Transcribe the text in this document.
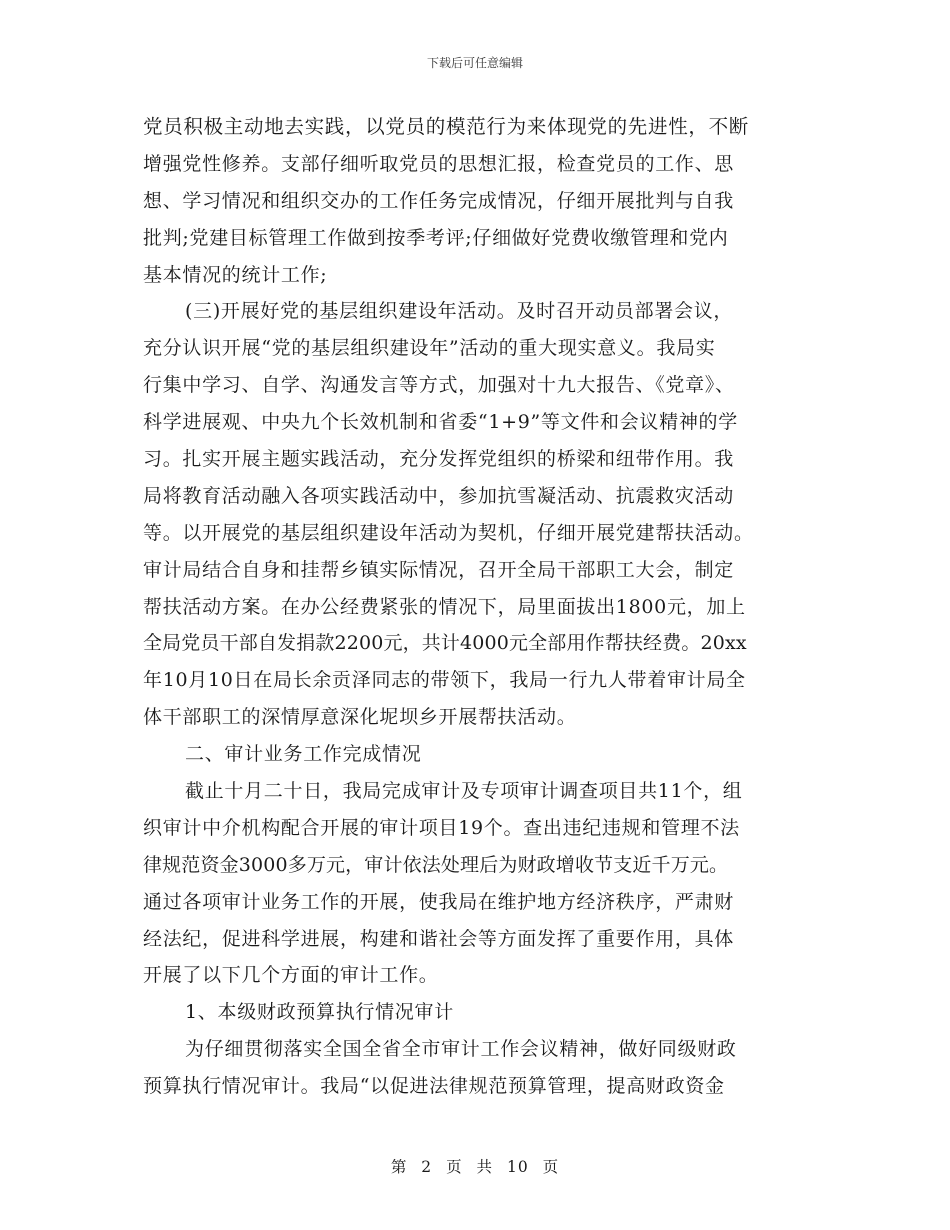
下载后可任意编辑
党员积极主动地去实践，以党员的模范行为来体现党的先进性，不断
增强党性修养。支部仔细听取党员的思想汇报，检查党员的工作、思
想、学习情况和组织交办的工作任务完成情况，仔细开展批判与自我
批判;党建目标管理工作做到按季考评;仔细做好党费收缴管理和党内
基本情况的统计工作;
(三)开展好党的基层组织建设年活动。及时召开动员部署会议，
充分认识开展“党的基层组织建设年”活动的重大现实意义。我局实
行集中学习、自学、沟通发言等方式，加强对十九大报告、《党章》、
科学进展观、中央九个长效机制和省委“1+9”等文件和会议精神的学
习。扎实开展主题实践活动，充分发挥党组织的桥梁和纽带作用。我
局将教育活动融入各项实践活动中，参加抗雪凝活动、抗震救灾活动
等。以开展党的基层组织建设年活动为契机，仔细开展党建帮扶活动。
审计局结合自身和挂帮乡镇实际情况，召开全局干部职工大会，制定
帮扶活动方案。在办公经费紧张的情况下，局里面拔出1800元，加上
全局党员干部自发捐款2200元，共计4000元全部用作帮扶经费。20xx
年10月10日在局长余贡泽同志的带领下，我局一行九人带着审计局全
体干部职工的深情厚意深化坭坝乡开展帮扶活动。
二、审计业务工作完成情况
截止十月二十日，我局完成审计及专项审计调查项目共11个，组
织审计中介机构配合开展的审计项目19个。查出违纪违规和管理不法
律规范资金3000多万元，审计依法处理后为财政增收节支近千万元。
通过各项审计业务工作的开展，使我局在维护地方经济秩序，严肃财
经法纪，促进科学进展，构建和谐社会等方面发挥了重要作用，具体
开展了以下几个方面的审计工作。
1、本级财政预算执行情况审计
为仔细贯彻落实全国全省全市审计工作会议精神，做好同级财政
预算执行情况审计。我局“以促进法律规范预算管理，提高财政资金
第 2 页 共 10 页
